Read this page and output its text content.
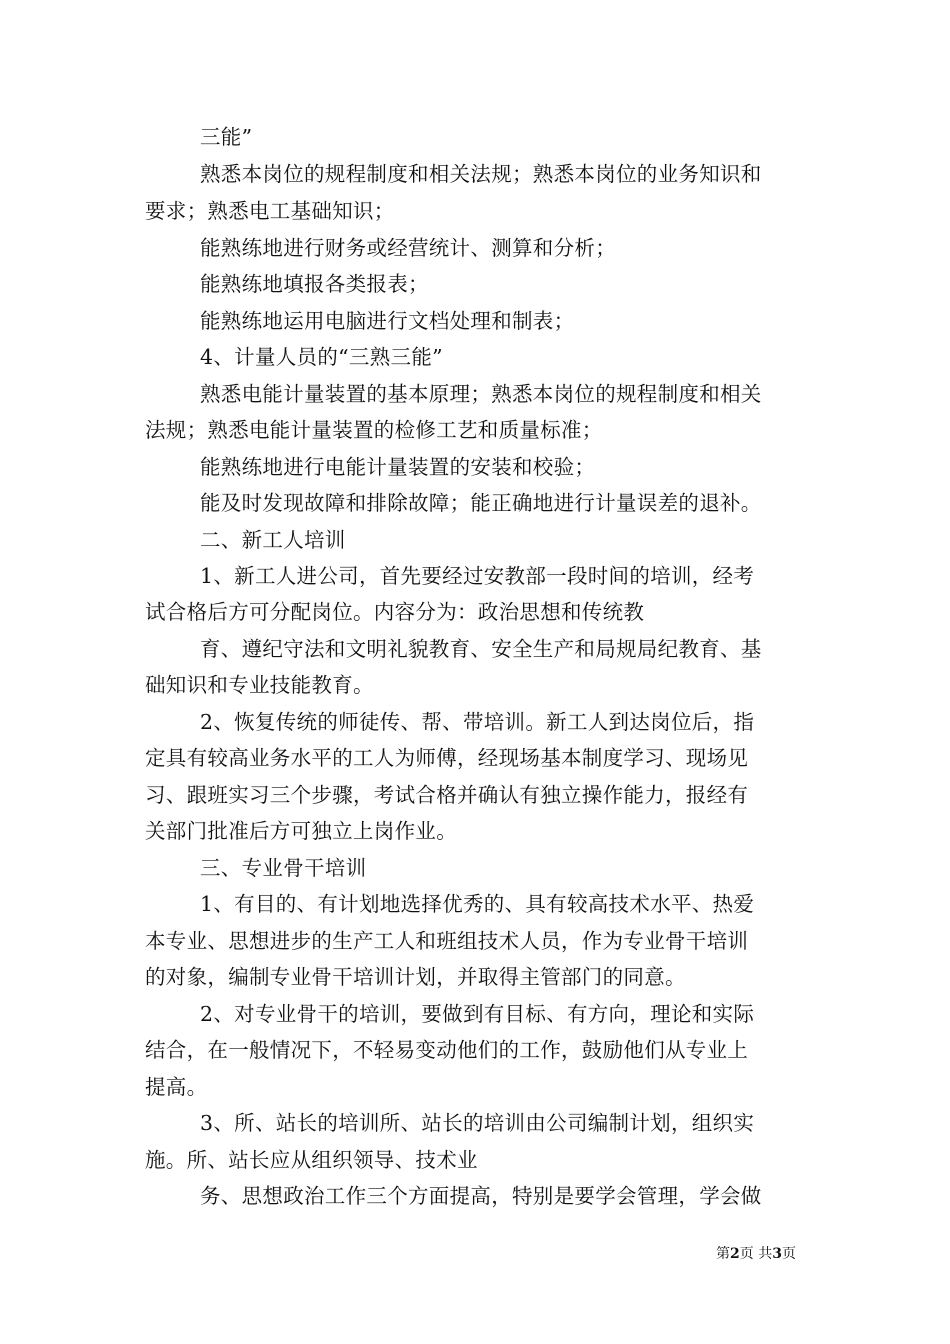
三能”
熟悉本岗位的规程制度和相关法规；熟悉本岗位的业务知识和
要求；熟悉电工基础知识；
能熟练地进行财务或经营统计、测算和分析；
能熟练地填报各类报表；
能熟练地运用电脑进行文档处理和制表；
4、计量人员的“三熟三能”
熟悉电能计量装置的基本原理；熟悉本岗位的规程制度和相关
法规；熟悉电能计量装置的检修工艺和质量标准；
能熟练地进行电能计量装置的安装和校验；
能及时发现故障和排除故障；能正确地进行计量误差的退补。
二、新工人培训
1、新工人进公司，首先要经过安教部一段时间的培训，经考
试合格后方可分配岗位。内容分为：政治思想和传统教
育、遵纪守法和文明礼貌教育、安全生产和局规局纪教育、基
础知识和专业技能教育。
2、恢复传统的师徒传、帮、带培训。新工人到达岗位后，指
定具有较高业务水平的工人为师傅，经现场基本制度学习、现场见
习、跟班实习三个步骤，考试合格并确认有独立操作能力，报经有
关部门批准后方可独立上岗作业。
三、专业骨干培训
1、有目的、有计划地选择优秀的、具有较高技术水平、热爱
本专业、思想进步的生产工人和班组技术人员，作为专业骨干培训
的对象，编制专业骨干培训计划，并取得主管部门的同意。
2、对专业骨干的培训，要做到有目标、有方向，理论和实际
结合，在一般情况下，不轻易变动他们的工作，鼓励他们从专业上
提高。
3、所、站长的培训所、站长的培训由公司编制计划，组织实
施。所、站长应从组织领导、技术业
务、思想政治工作三个方面提高，特别是要学会管理，学会做
第2页 共3页
